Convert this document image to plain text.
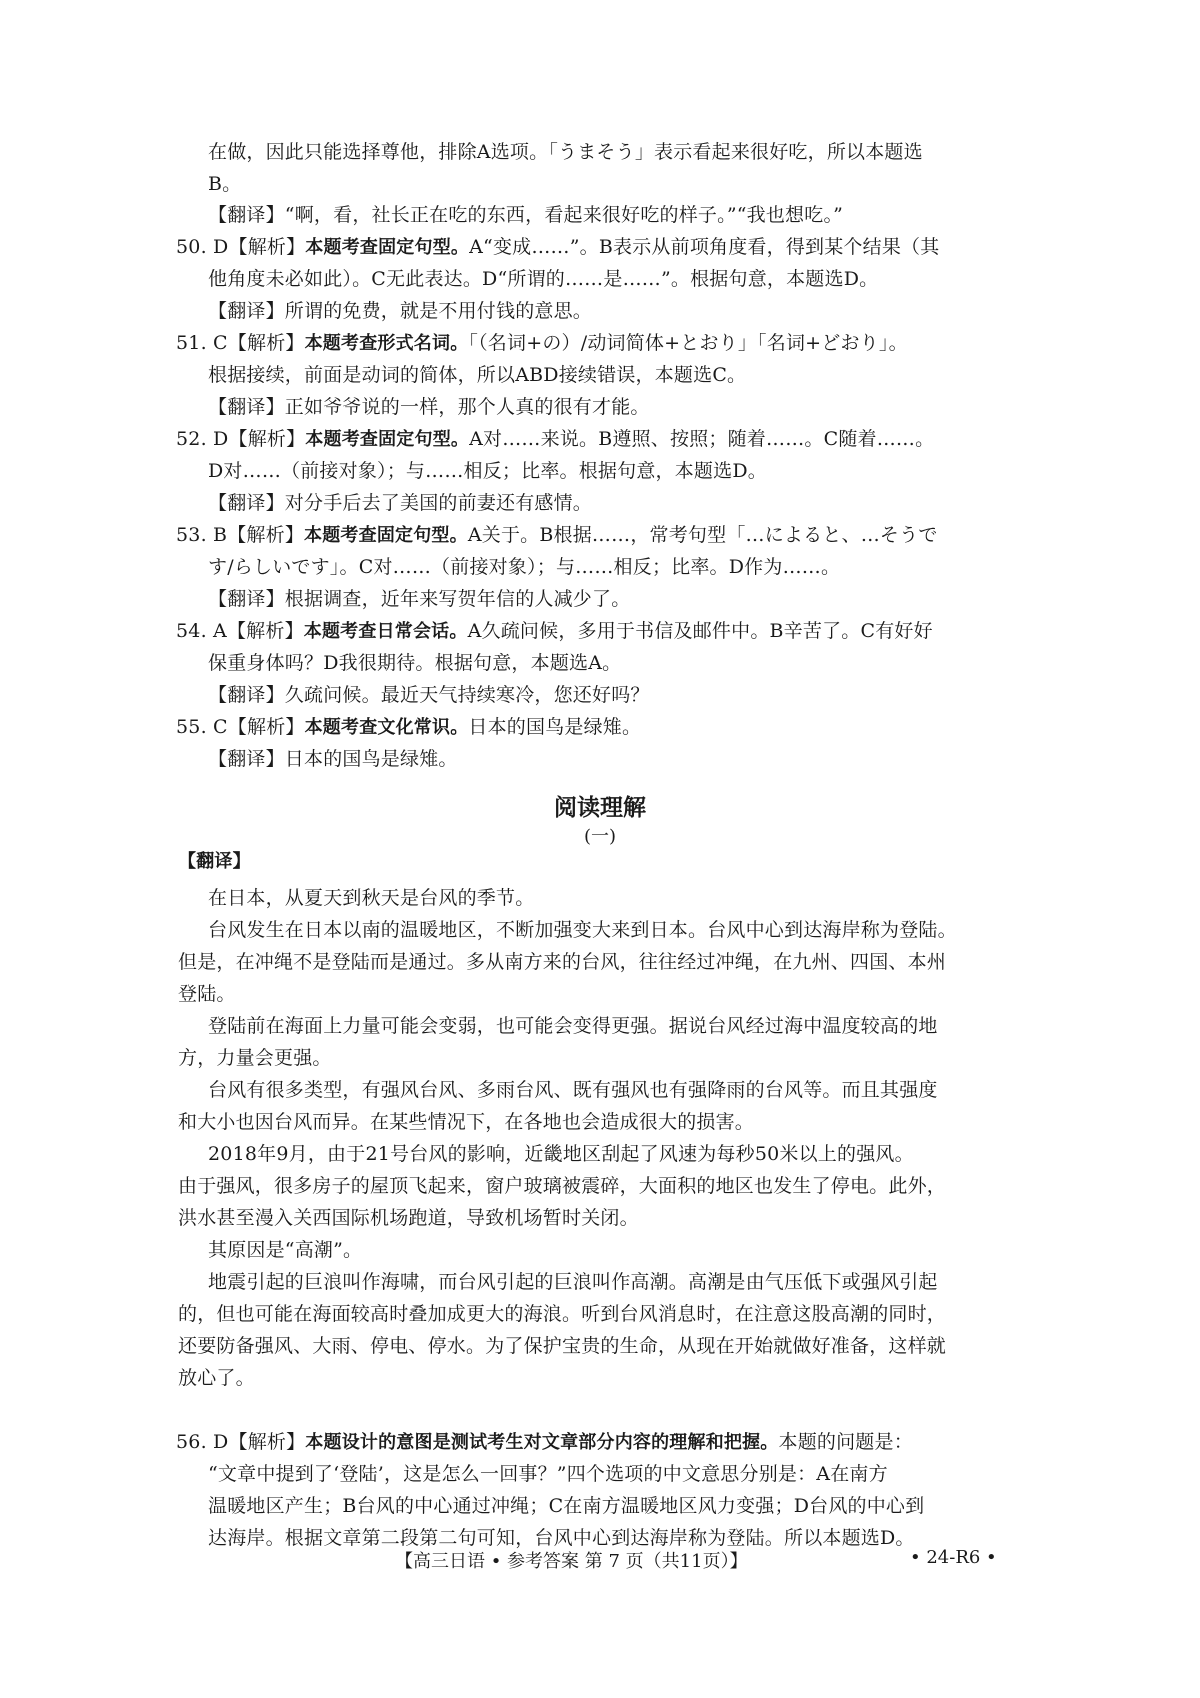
在做，因此只能选择尊他，排除A选项。「うまそう」表示看起来很好吃，所以本题选
B。
【翻译】“啊，看，社长正在吃的东西，看起来很好吃的样子。”“我也想吃。”
50. D【解析】本题考查固定句型。A“变成……”。B表示从前项角度看，得到某个结果（其
他角度未必如此）。C无此表达。D“所谓的……是……”。根据句意，本题选D。
【翻译】所谓的免费，就是不用付钱的意思。
51. C【解析】本题考查形式名词。「（名词+の）/动词简体+とおり」「名词+どおり」。
根据接续，前面是动词的简体，所以ABD接续错误，本题选C。
【翻译】正如爷爷说的一样，那个人真的很有才能。
52. D【解析】本题考查固定句型。A对……来说。B遵照、按照；随着……。C随着……。
D对……（前接对象）；与……相反；比率。根据句意，本题选D。
【翻译】对分手后去了美国的前妻还有感情。
53. B【解析】本题考查固定句型。A关于。B根据……，常考句型「…によると、…そうで
す/らしいです」。C对……（前接对象）；与……相反；比率。D作为……。
【翻译】根据调查，近年来写贺年信的人减少了。
54. A【解析】本题考查日常会话。A久疏问候，多用于书信及邮件中。B辛苦了。C有好好
保重身体吗？D我很期待。根据句意，本题选A。
【翻译】久疏问候。最近天气持续寒冷，您还好吗？
55. C【解析】本题考查文化常识。日本的国鸟是绿雉。
【翻译】日本的国鸟是绿雉。
阅读理解
(一)
【翻译】
在日本，从夏天到秋天是台风的季节。
台风发生在日本以南的温暖地区，不断加强变大来到日本。台风中心到达海岸称为登陆。
但是，在冲绳不是登陆而是通过。多从南方来的台风，往往经过冲绳，在九州、四国、本州
登陆。
登陆前在海面上力量可能会变弱，也可能会变得更强。据说台风经过海中温度较高的地
方，力量会更强。
台风有很多类型，有强风台风、多雨台风、既有强风也有强降雨的台风等。而且其强度
和大小也因台风而异。在某些情况下，在各地也会造成很大的损害。
2018年9月，由于21号台风的影响，近畿地区刮起了风速为每秒50米以上的强风。
由于强风，很多房子的屋顶飞起来，窗户玻璃被震碎，大面积的地区也发生了停电。此外，
洪水甚至漫入关西国际机场跑道，导致机场暂时关闭。
其原因是“高潮”。
地震引起的巨浪叫作海啸，而台风引起的巨浪叫作高潮。高潮是由气压低下或强风引起
的，但也可能在海面较高时叠加成更大的海浪。听到台风消息时，在注意这股高潮的同时，
还要防备强风、大雨、停电、停水。为了保护宝贵的生命，从现在开始就做好准备，这样就
放心了。
56. D【解析】本题设计的意图是测试考生对文章部分内容的理解和把握。本题的问题是：
“文章中提到了‘登陆’，这是怎么一回事？”四个选项的中文意思分别是：A在南方
温暖地区产生；B台风的中心通过冲绳；C在南方温暖地区风力变强；D台风的中心到
达海岸。根据文章第二段第二句可知，台风中心到达海岸称为登陆。所以本题选D。
【高三日语 • 参考答案 第 7 页（共11页）】	• 24-R6 •
